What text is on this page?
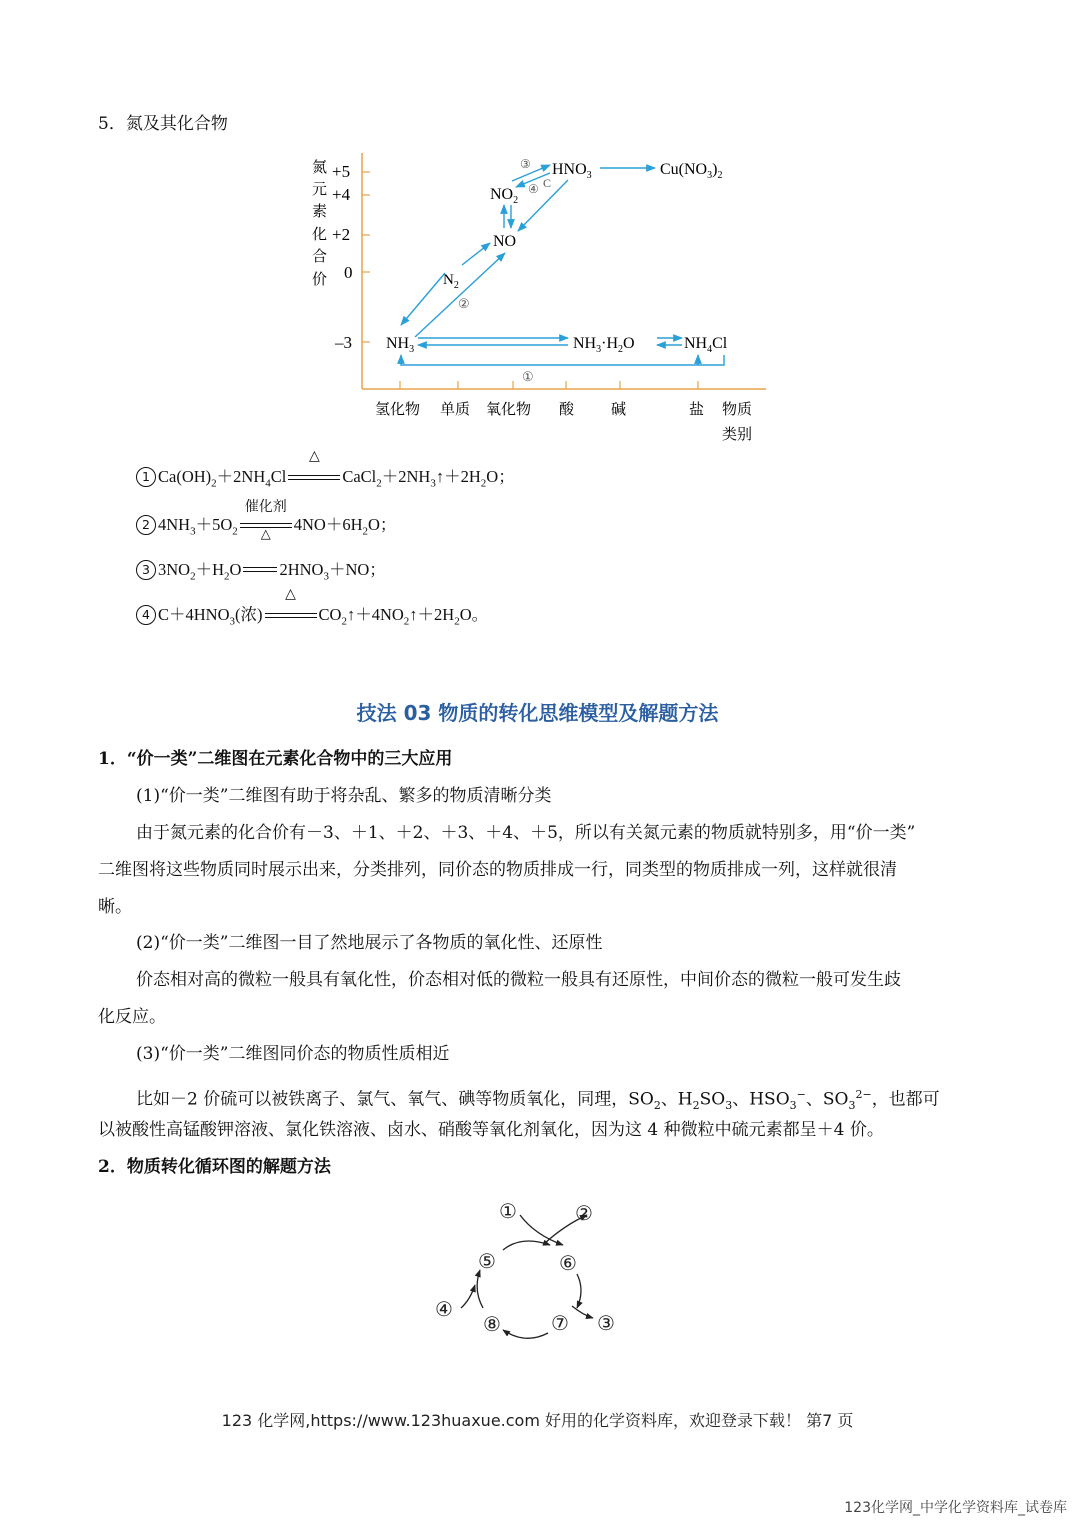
5．氮及其化合物
氮
元
素
化
合
价
+5
+4
+2
0
–3
氢化物 单质 氧化物 酸 碱	盐 物质
类别
$HNO_3$	$Cu(NO_3)_2$
$NO_2$
NO
$N_2$
$NH_3$	$NH_3\cdot H_2O$	$NH_4Cl$
③
④ C
②
①
1 $Ca(OH)_2+2NH_4Cl$
△
$CaCl_2+2NH_3↑+2H_2O$；
2 $4NH_3+5O_2$
催化剂
△	$4NO+6H_2O$；
3 $3NO_2+H_2O$ $2HNO_3+NO$；
4 $C+4HNO_3$(浓)
△
$CO_2↑+4NO_2↑+2H_2O$。
技法 03 物质的转化思维模型及解题方法
1．“价一类”二维图在元素化合物中的三大应用
(1)“价一类”二维图有助于将杂乱、繁多的物质清晰分类
由于氮元素的化合价有－3、＋1、＋2、＋3、＋4、＋5，所以有关氮元素的物质就特别多，用“价一类”
二维图将这些物质同时展示出来，分类排列，同价态的物质排成一行，同类型的物质排成一列，这样就很清
晰。
(2)“价一类”二维图一目了然地展示了各物质的氧化性、还原性
价态相对高的微粒一般具有氧化性，价态相对低的微粒一般具有还原性，中间价态的微粒一般可发生歧
化反应。
(3)“价一类”二维图同价态的物质性质相近
比如－2 价硫可以被铁离子、氯气、氧气、碘等物质氧化，同理，$SO_2$、$H_2SO_3$、$HSO_3^-$、$SO_3^{2-}$，也都可
以被酸性高锰酸钾溶液、氯化铁溶液、卤水、硝酸等氧化剂氧化，因为这 4 种微粒中硫元素都呈＋4 价。
2．物质转化循环图的解题方法
①	②
⑤	⑥
④
⑦ ③
⑧
123 化学网,https://www.123huaxue.com 好用的化学资料库，欢迎登录下载！ 第7 页
123化学网_中学化学资料库_试卷库
